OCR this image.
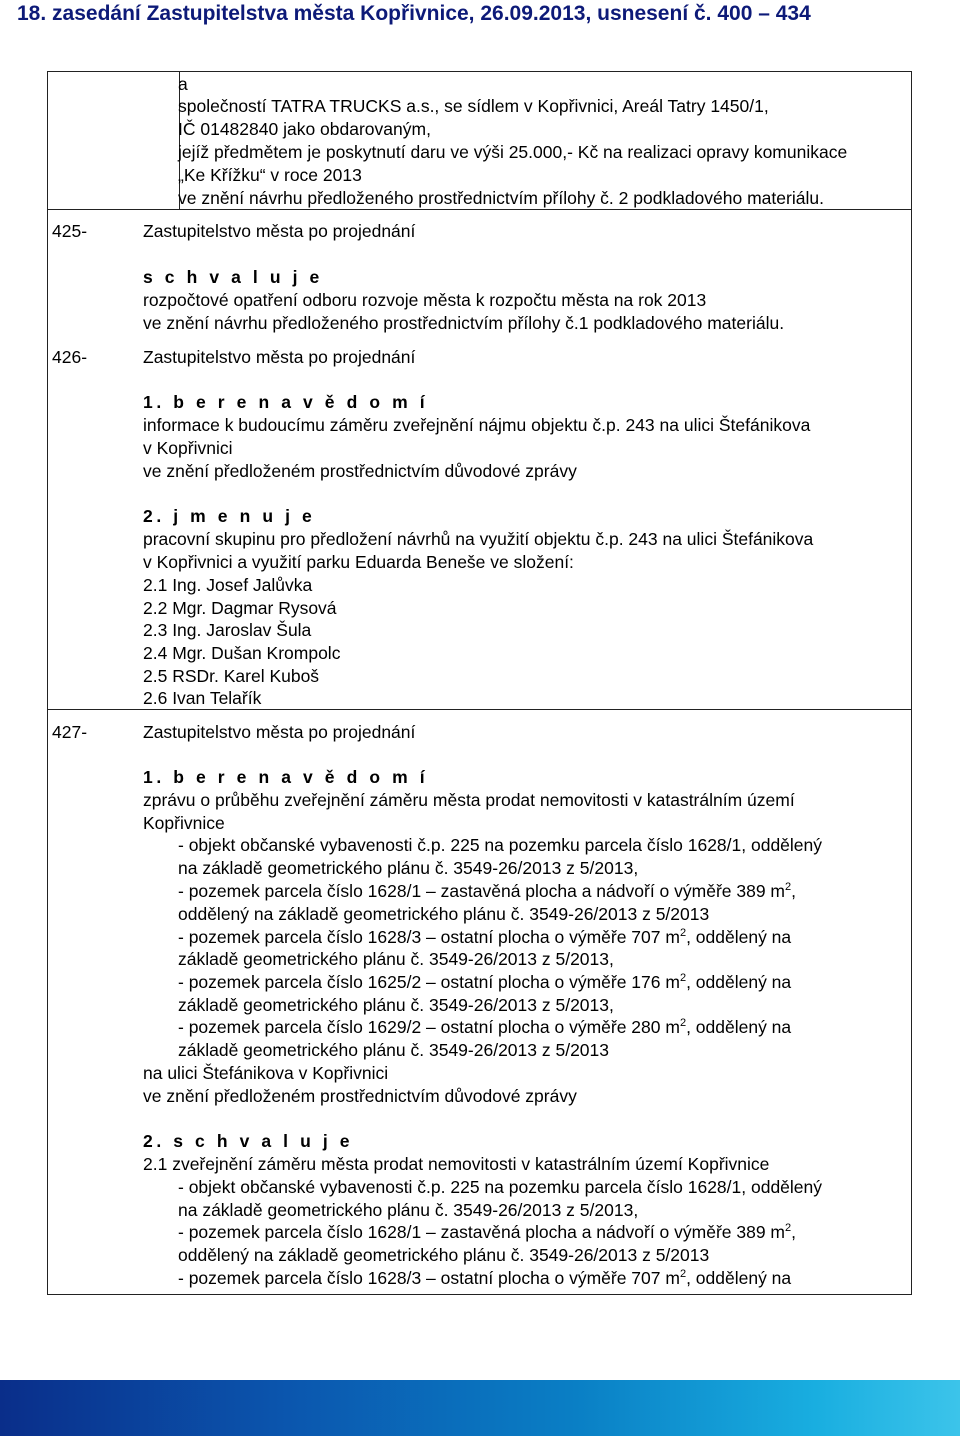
18. zasedání Zastupitelstva města Kopřivnice, 26.09.2013, usnesení č. 400 – 434
a
společností TATRA TRUCKS a.s., se sídlem v Kopřivnici, Areál Tatry 1450/1,
IČ 01482840 jako obdarovaným,
jejíž předmětem je poskytnutí daru ve výši 25.000,- Kč na realizaci opravy komunikace
„Ke Křížku“ v roce 2013
ve znění návrhu předloženého prostřednictvím přílohy č. 2 podkladového materiálu.
425-	Zastupitelstvo města po projednání
s c h v a l u j e
rozpočtové opatření odboru rozvoje města k rozpočtu města na rok 2013
ve znění návrhu předloženého prostřednictvím přílohy č.1 podkladového materiálu.
426-	Zastupitelstvo města po projednání
1. b e r e n a v ě d o m í
informace k budoucímu záměru zveřejnění nájmu objektu č.p. 243 na ulici Štefánikova
v Kopřivnici
ve znění předloženém prostřednictvím důvodové zprávy
2. j m e n u j e
pracovní skupinu pro předložení návrhů na využití objektu č.p. 243 na ulici Štefánikova
v Kopřivnici a využití parku Eduarda Beneše ve složení:
2.1 Ing. Josef Jalůvka
2.2 Mgr. Dagmar Rysová
2.3 Ing. Jaroslav Šula
2.4 Mgr. Dušan Krompolc
2.5 RSDr. Karel Kuboš
2.6 Ivan Telařík
427-	Zastupitelstvo města po projednání
1. b e r e n a v ě d o m í
zprávu o průběhu zveřejnění záměru města prodat nemovitosti v katastrálním území
Kopřivnice
- objekt občanské vybavenosti č.p. 225 na pozemku parcela číslo 1628/1, oddělený
na základě geometrického plánu č. 3549-26/2013 z 5/2013,
- pozemek parcela číslo 1628/1 – zastavěná plocha a nádvoří o výměře 389 $m^2$,
oddělený na základě geometrického plánu č. 3549-26/2013 z 5/2013
- pozemek parcela číslo 1628/3 – ostatní plocha o výměře 707 $m^2$, oddělený na
základě geometrického plánu č. 3549-26/2013 z 5/2013,
- pozemek parcela číslo 1625/2 – ostatní plocha o výměře 176 $m^2$, oddělený na
základě geometrického plánu č. 3549-26/2013 z 5/2013,
- pozemek parcela číslo 1629/2 – ostatní plocha o výměře 280 $m^2$, oddělený na
základě geometrického plánu č. 3549-26/2013 z 5/2013
na ulici Štefánikova v Kopřivnici
ve znění předloženém prostřednictvím důvodové zprávy
2. s c h v a l u j e
2.1 zveřejnění záměru města prodat nemovitosti v katastrálním území Kopřivnice
- objekt občanské vybavenosti č.p. 225 na pozemku parcela číslo 1628/1, oddělený
na základě geometrického plánu č. 3549-26/2013 z 5/2013,
- pozemek parcela číslo 1628/1 – zastavěná plocha a nádvoří o výměře 389 $m^2$,
oddělený na základě geometrického plánu č. 3549-26/2013 z 5/2013
- pozemek parcela číslo 1628/3 – ostatní plocha o výměře 707 $m^2$, oddělený na
